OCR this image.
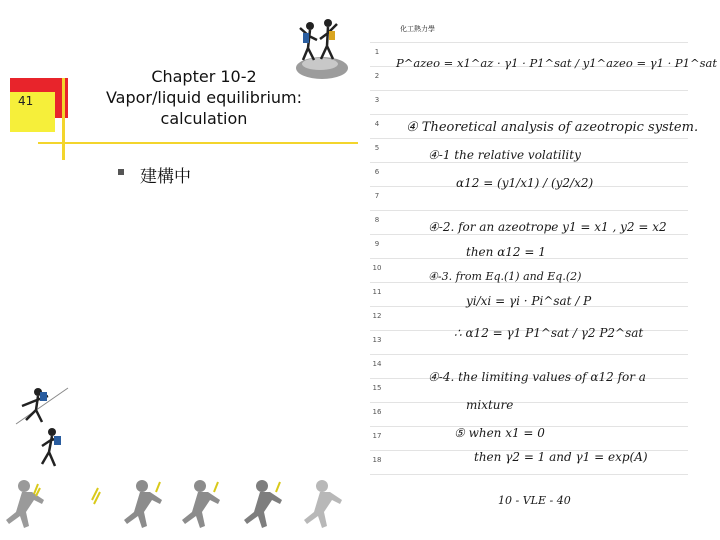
41
Chapter 10-2
Vapor/liquid equilibrium:
calculation
建構中
化工熱力學
1
2
3
4
5
6
7
8
9
10
11
12
13
14
15
16
17
18
P^azeo = x1^az · γ1 · P1^sat / y1^azeo = γ1 · P1^sat
④ Theoretical analysis of azeotropic system.
④-1 the relative volatility
α12 = (y1/x1) / (y2/x2)
④-2. for an azeotrope y1 = x1 , y2 = x2
then α12 = 1
④-3. from Eq.(1) and Eq.(2)
yi/xi = γi · Pi^sat / P
∴ α12 = γ1 P1^sat / γ2 P2^sat
④-4. the limiting values of α12 for a
mixture
⑤ when x1 = 0
then γ2 = 1 and γ1 = exp(A)
10 - VLE - 40
